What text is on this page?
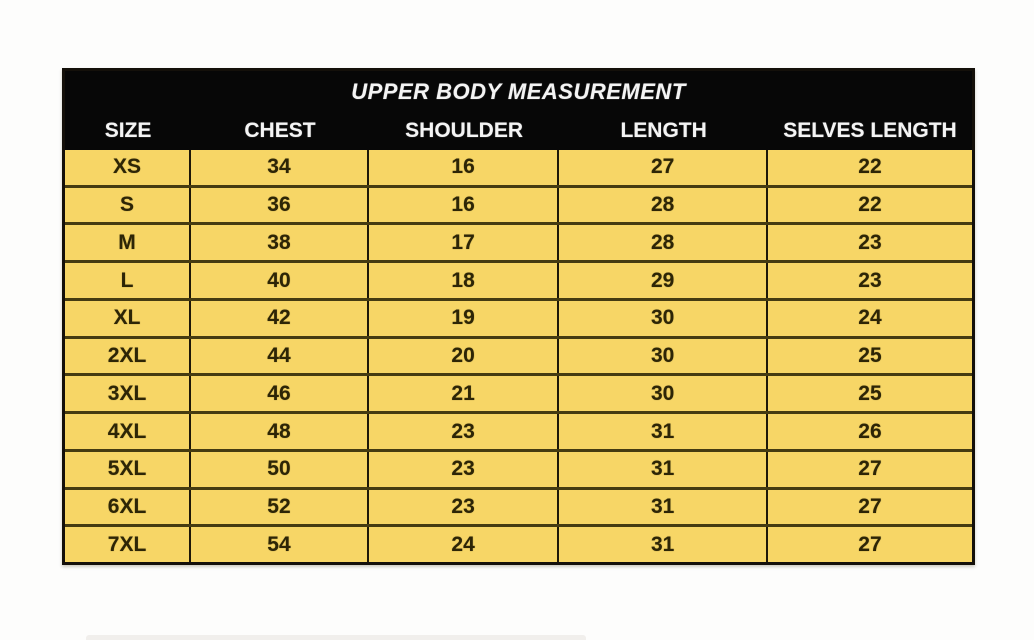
UPPER BODY MEASUREMENT
SIZE	CHEST	SHOULDER	LENGTH	SELVES LENGTH
XS	34	16	27	22
S	36	16	28	22
M	38	17	28	23
L	40	18	29	23
XL	42	19	30	24
2XL	44	20	30	25
3XL	46	21	30	25
4XL	48	23	31	26
5XL	50	23	31	27
6XL	52	23	31	27
7XL	54	24	31	27
